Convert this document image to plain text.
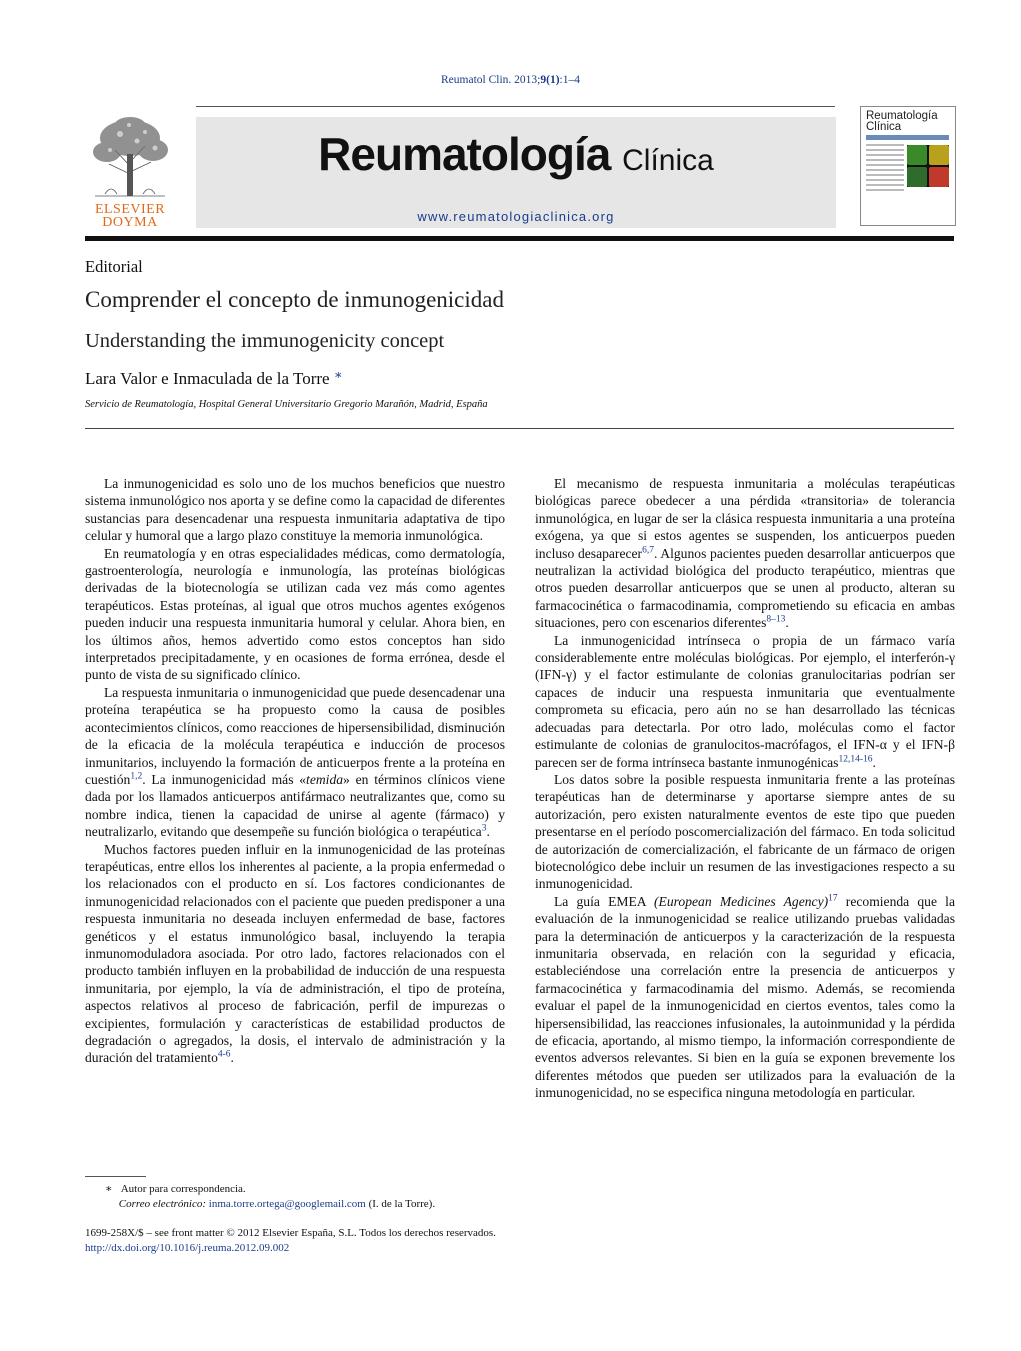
Reumatol Clin. 2013;9(1):1–4
ELSEVIER
DOYMA
Reumatología Clínica
www.reumatologiaclinica.org
Reumatología
Clínica
Editorial
Comprender el concepto de inmunogenicidad
Understanding the immunogenicity concept
Lara Valor e Inmaculada de la Torre ∗
Servicio de Reumatología, Hospital General Universitario Gregorio Marañón, Madrid, España

La inmunogenicidad es solo uno de los muchos beneficios que nuestro sistema inmunológico nos aporta y se define como la capacidad de diferentes sustancias para desencadenar una respuesta inmunitaria adaptativa de tipo celular y humoral que a largo plazo constituye la memoria inmunológica.

En reumatología y en otras especialidades médicas, como dermatología, gastroenterología, neurología e inmunología, las proteínas biológicas derivadas de la biotecnología se utilizan cada vez más como agentes terapéuticos. Estas proteínas, al igual que otros muchos agentes exógenos pueden inducir una respuesta inmunitaria humoral y celular. Ahora bien, en los últimos años, hemos advertido como estos conceptos han sido interpretados precipitadamente, y en ocasiones de forma errónea, desde el punto de vista de su significado clínico.

La respuesta inmunitaria o inmunogenicidad que puede desencadenar una proteína terapéutica se ha propuesto como la causa de posibles acontecimientos clínicos, como reacciones de hipersensibilidad, disminución de la eficacia de la molécula terapéutica e inducción de procesos inmunitarios, incluyendo la formación de anticuerpos frente a la proteína en cuestión$^{1,2}$. La inmunogenicidad más «temida» en términos clínicos viene dada por los llamados anticuerpos antifármaco neutralizantes que, como su nombre indica, tienen la capacidad de unirse al agente (fármaco) y neutralizarlo, evitando que desempeñe su función biológica o terapéutica$^3$.

Muchos factores pueden influir en la inmunogenicidad de las proteínas terapéuticas, entre ellos los inherentes al paciente, a la propia enfermedad o los relacionados con el producto en sí. Los factores condicionantes de inmunogenicidad relacionados con el paciente que pueden predisponer a una respuesta inmunitaria no deseada incluyen enfermedad de base, factores genéticos y el estatus inmunológico basal, incluyendo la terapia inmunomoduladora asociada. Por otro lado, factores relacionados con el producto también influyen en la probabilidad de inducción de una respuesta inmunitaria, por ejemplo, la vía de administración, el tipo de proteína, aspectos relativos al proceso de fabricación, perfil de impurezas o excipientes, formulación y características de estabilidad productos de degradación o agregados, la dosis, el intervalo de administración y la duración del tratamiento$^{4-6}$.

El mecanismo de respuesta inmunitaria a moléculas terapéuticas biológicas parece obedecer a una pérdida «transitoria» de tolerancia inmunológica, en lugar de ser la clásica respuesta inmunitaria a una proteína exógena, ya que si estos agentes se suspenden, los anticuerpos pueden incluso desaparecer$^{6,7}$. Algunos pacientes pueden desarrollar anticuerpos que neutralizan la actividad biológica del producto terapéutico, mientras que otros pueden desarrollar anticuerpos que se unen al producto, alteran su farmacocinética o farmacodinamia, comprometiendo su eficacia en ambas situaciones, pero con escenarios diferentes$^{8-13}$.

La inmunogenicidad intrínseca o propia de un fármaco varía considerablemente entre moléculas biológicas. Por ejemplo, el interferón-γ (IFN-γ) y el factor estimulante de colonias granulocitarias podrían ser capaces de inducir una respuesta inmunitaria que eventualmente comprometa su eficacia, pero aún no se han desarrollado las técnicas adecuadas para detectarla. Por otro lado, moléculas como el factor estimulante de colonias de granulocitos-macrófagos, el IFN-α y el IFN-β parecen ser de forma intrínseca bastante inmunogénicas$^{12,14-16}$.

Los datos sobre la posible respuesta inmunitaria frente a las proteínas terapéuticas han de determinarse y aportarse siempre antes de su autorización, pero existen naturalmente eventos de este tipo que pueden presentarse en el período poscomercialización del fármaco. En toda solicitud de autorización de comercialización, el fabricante de un fármaco de origen biotecnológico debe incluir un resumen de las investigaciones respecto a su inmunogenicidad.

La guía EMEA (European Medicines Agency)$^{17}$ recomienda que la evaluación de la inmunogenicidad se realice utilizando pruebas validadas para la determinación de anticuerpos y la caracterización de la respuesta inmunitaria observada, en relación con la seguridad y eficacia, estableciéndose una correlación entre la presencia de anticuerpos y farmacocinética y farmacodinamia del mismo. Además, se recomienda evaluar el papel de la inmunogenicidad en ciertos eventos, tales como la hipersensibilidad, las reacciones infusionales, la autoinmunidad y la pérdida de eficacia, aportando, al mismo tiempo, la información correspondiente de eventos adversos relevantes. Si bien en la guía se exponen brevemente los diferentes métodos que pueden ser utilizados para la evaluación de la inmunogenicidad, no se especifica ninguna metodología en particular.

∗ Autor para correspondencia.
Correo electrónico: inma.torre.ortega@googlemail.com (I. de la Torre).
1699-258X/$ – see front matter © 2012 Elsevier España, S.L. Todos los derechos reservados.
http://dx.doi.org/10.1016/j.reuma.2012.09.002
